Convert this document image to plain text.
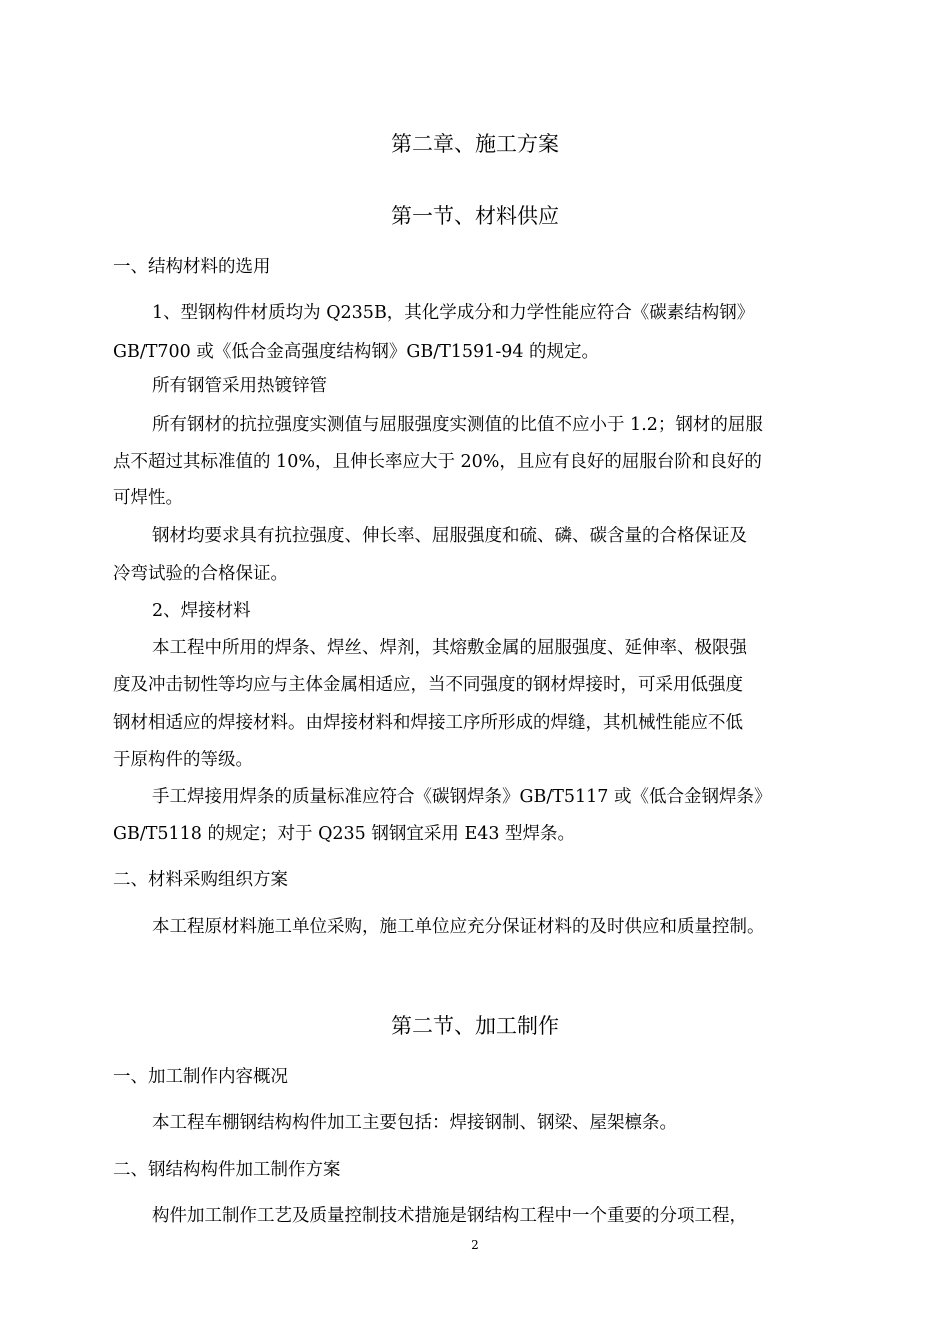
第二章、施工方案
第一节、材料供应
一、结构材料的选用
1、型钢构件材质均为 Q235B，其化学成分和力学性能应符合《碳素结构钢》
GB/T700 或《低合金高强度结构钢》GB/T1591-94 的规定。
所有钢管采用热镀锌管
所有钢材的抗拉强度实测值与屈服强度实测值的比值不应小于 1.2；钢材的屈服
点不超过其标准值的 10%，且伸长率应大于 20%，且应有良好的屈服台阶和良好的
可焊性。
钢材均要求具有抗拉强度、伸长率、屈服强度和硫、磷、碳含量的合格保证及
冷弯试验的合格保证。
2、焊接材料
本工程中所用的焊条、焊丝、焊剂，其熔敷金属的屈服强度、延伸率、极限强
度及冲击韧性等均应与主体金属相适应，当不同强度的钢材焊接时，可采用低强度
钢材相适应的焊接材料。由焊接材料和焊接工序所形成的焊缝，其机械性能应不低
于原构件的等级。
手工焊接用焊条的质量标准应符合《碳钢焊条》GB/T5117 或《低合金钢焊条》
GB/T5118 的规定；对于 Q235 钢钢宜采用 E43 型焊条。
二、材料采购组织方案
本工程原材料施工单位采购，施工单位应充分保证材料的及时供应和质量控制。
第二节、加工制作
一、加工制作内容概况
本工程车棚钢结构构件加工主要包括：焊接钢制、钢梁、屋架檩条。
二、钢结构构件加工制作方案
构件加工制作工艺及质量控制技术措施是钢结构工程中一个重要的分项工程，
2
